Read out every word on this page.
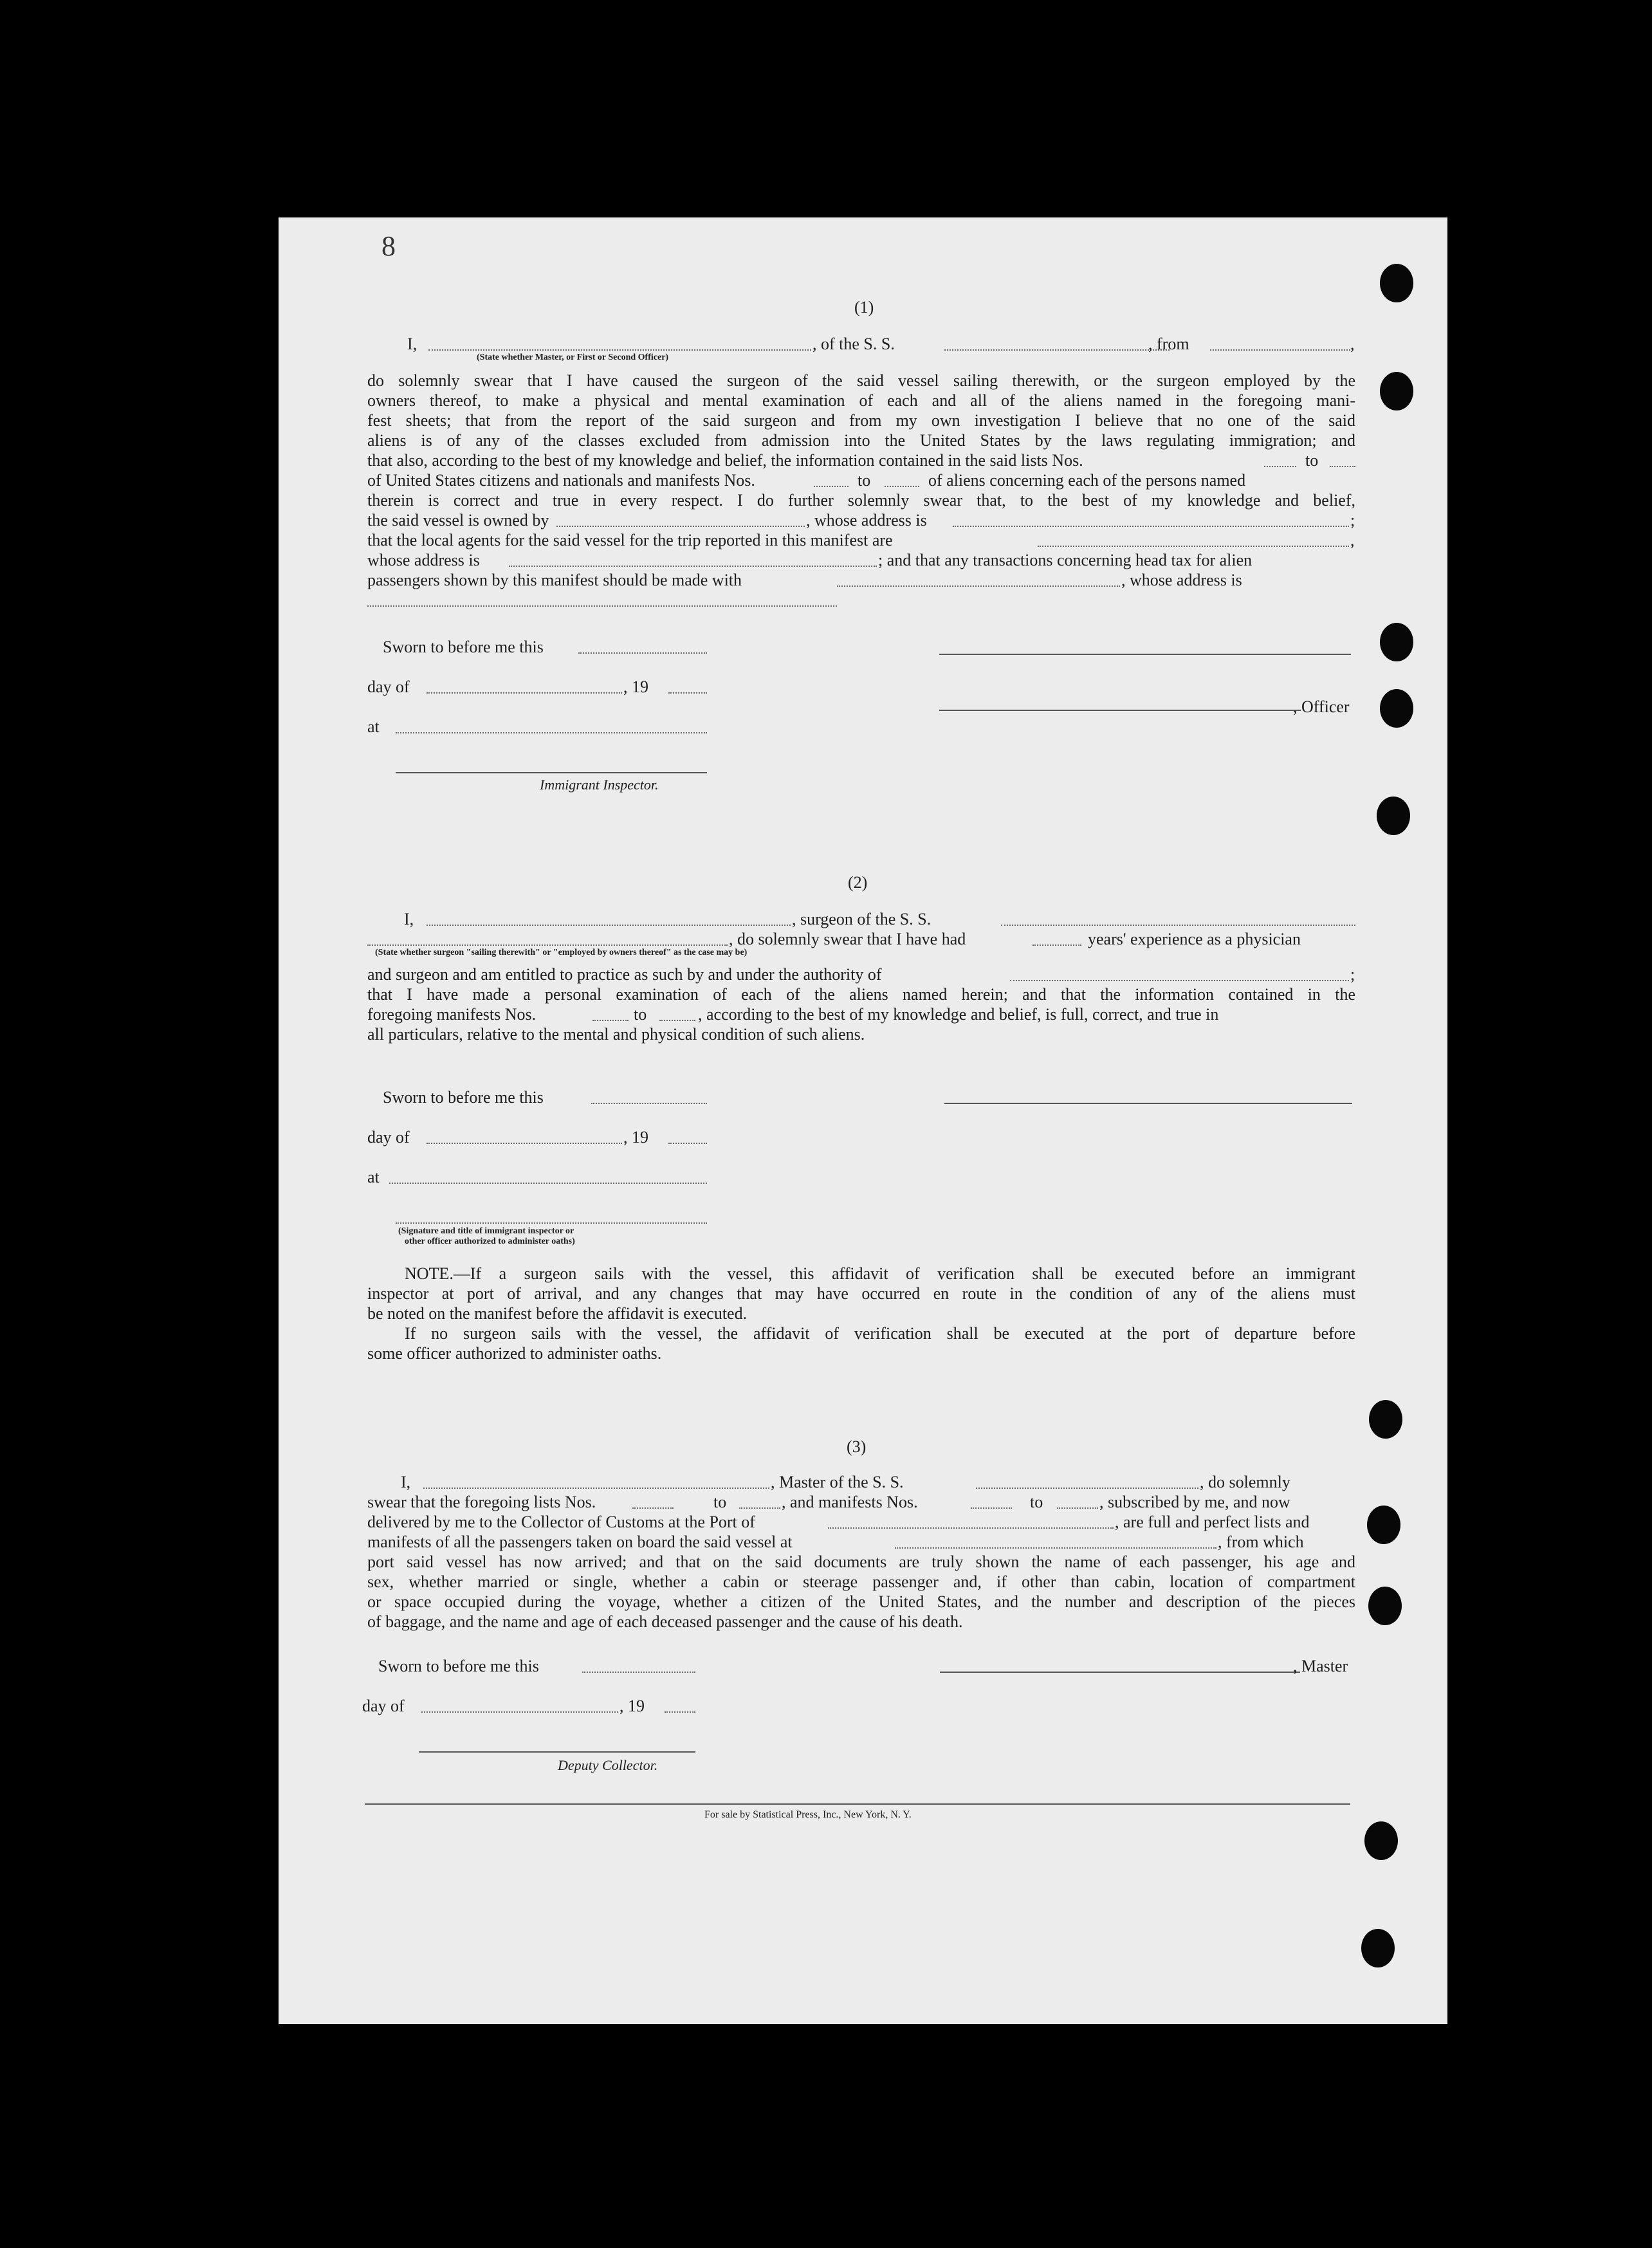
8
(1)
I,	, of the S. S.	, from	,
(State whether Master, or First or Second Officer)
do solemnly swear that I have caused the surgeon of the said vessel sailing therewith, or the surgeon employed by the
owners thereof, to make a physical and mental examination of each and all of the aliens named in the foregoing mani-
fest sheets; that from the report of the said surgeon and from my own investigation I believe that no one of the said
aliens is of any of the classes excluded from admission into the United States by the laws regulating immigration; and
that also, according to the best of my knowledge and belief, the information contained in the said lists Nos.	to
of United States citizens and nationals and manifests Nos.	to	of aliens concerning each of the persons named
therein is correct and true in every respect. I do further solemnly swear that, to the best of my knowledge and belief,
the said vessel is owned by	, whose address is	;
that the local agents for the said vessel for the trip reported in this manifest are	,
whose address is	; and that any transactions concerning head tax for alien
passengers shown by this manifest should be made with	, whose address is
Sworn to before me this
day of	, 19
, Officer
at
Immigrant Inspector.
(2)
I,	, surgeon of the S. S.
, do solemnly swear that I have had	years' experience as a physician
(State whether surgeon "sailing therewith" or "employed by owners thereof" as the case may be)
and surgeon and am entitled to practice as such by and under the authority of	;
that I have made a personal examination of each of the aliens named herein; and that the information contained in the
foregoing manifests Nos.	to	, according to the best of my knowledge and belief, is full, correct, and true in
all particulars, relative to the mental and physical condition of such aliens.
Sworn to before me this
day of	, 19
at
(Signature and title of immigrant inspector or
other officer authorized to administer oaths)
NOTE.—If a surgeon sails with the vessel, this affidavit of verification shall be executed before an immigrant
inspector at port of arrival, and any changes that may have occurred en route in the condition of any of the aliens must
be noted on the manifest before the affidavit is executed.
If no surgeon sails with the vessel, the affidavit of verification shall be executed at the port of departure before
some officer authorized to administer oaths.
(3)
I,	, Master of the S. S.	, do solemnly
swear that the foregoing lists Nos.	to	, and manifests Nos.	to	, subscribed by me, and now
delivered by me to the Collector of Customs at the Port of	, are full and perfect lists and
manifests of all the passengers taken on board the said vessel at	, from which
port said vessel has now arrived; and that on the said documents are truly shown the name of each passenger, his age and
sex, whether married or single, whether a cabin or steerage passenger and, if other than cabin, location of compartment
or space occupied during the voyage, whether a citizen of the United States, and the number and description of the pieces
of baggage, and the name and age of each deceased passenger and the cause of his death.
Sworn to before me this	, Master
day of	, 19
Deputy Collector.
For sale by Statistical Press, Inc., New York, N. Y.
